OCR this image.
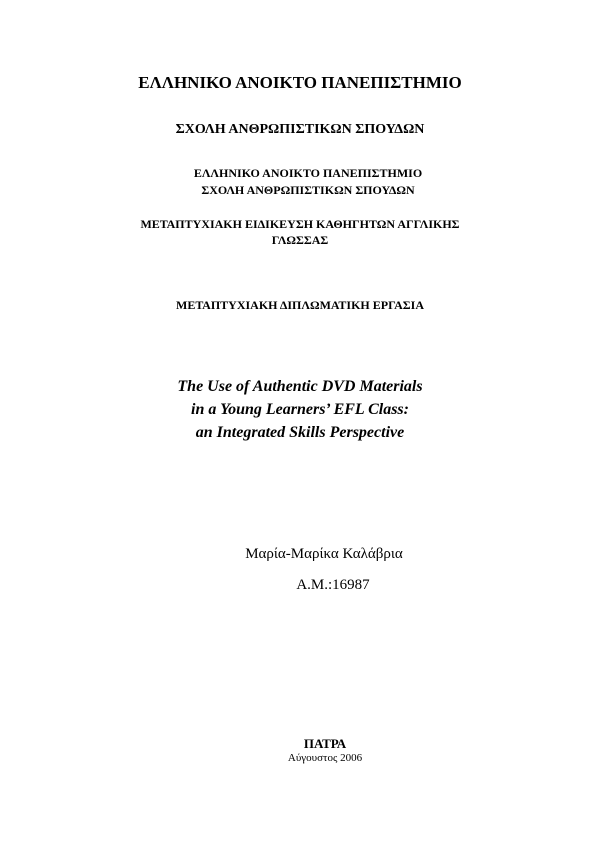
ΕΛΛΗΝΙΚΟ ΑΝΟΙΚΤΟ ΠΑΝΕΠΙΣΤΗΜΙΟ
ΣΧΟΛΗ ΑΝΘΡΩΠΙΣΤΙΚΩΝ ΣΠΟΥΔΩΝ
ΕΛΛΗΝΙΚΟ ΑΝΟΙΚΤΟ ΠΑΝΕΠΙΣΤΗΜΙΟ
ΣΧΟΛΗ ΑΝΘΡΩΠΙΣΤΙΚΩΝ ΣΠΟΥΔΩΝ
ΜΕΤΑΠΤΥΧΙΑΚΗ ΕΙΔΙΚΕΥΣΗ ΚΑΘΗΓΗΤΩΝ ΑΓΓΛΙΚΗΣ
ΓΛΩΣΣΑΣ
ΜΕΤΑΠΤΥΧΙΑΚΗ ΔΙΠΛΩΜΑΤΙΚΗ ΕΡΓΑΣΙΑ
The Use of Authentic DVD Materials
in a Young Learners’ EFL Class:
an Integrated Skills Perspective
Μαρία-Μαρίκα Καλάβρια
Α.Μ.:16987
ΠΑΤΡΑ
Αύγουστος 2006
